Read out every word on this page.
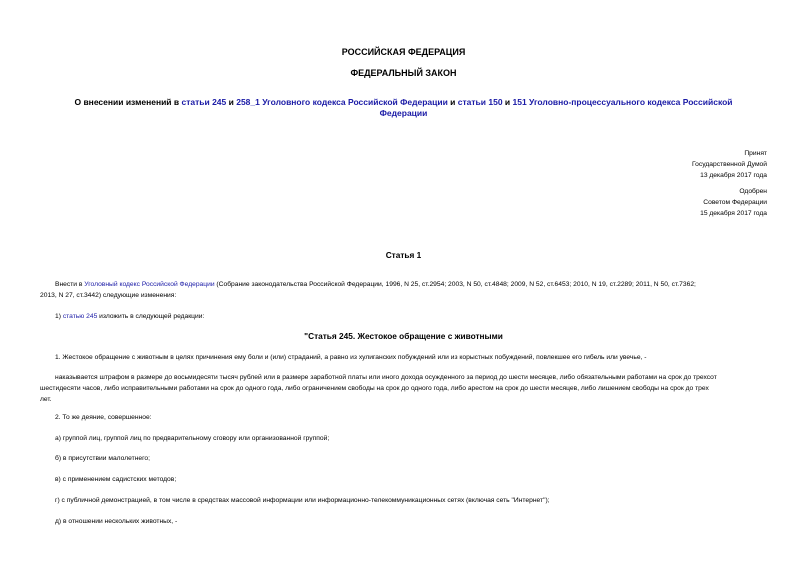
РОССИЙСКАЯ ФЕДЕРАЦИЯ
ФЕДЕРАЛЬНЫЙ ЗАКОН
О внесении изменений в статьи 245 и 258_1 Уголовного кодекса Российской Федерации и статьи 150 и 151 Уголовно-процессуального кодекса Российской
Федерации
Принят
Государственной Думой
13 декабря 2017 года
Одобрен
Советом Федерации
15 декабря 2017 года
Статья 1
Внести в Уголовный кодекс Российской Федерации (Собрание законодательства Российской Федерации, 1996, N 25, ст.2954; 2003, N 50, ст.4848; 2009, N 52, ст.6453; 2010, N 19, ст.2289; 2011, N 50, ст.7362;
2013, N 27, ст.3442) следующие изменения:
1) статью 245 изложить в следующей редакции:
"Статья 245. Жестокое обращение с животными
1. Жестокое обращение с животным в целях причинения ему боли и (или) страданий, а равно из хулиганских побуждений или из корыстных побуждений, повлекшее его гибель или увечье, -
наказывается штрафом в размере до восьмидесяти тысяч рублей или в размере заработной платы или иного дохода осужденного за период до шести месяцев, либо обязательными работами на срок до трехсот
шестидесяти часов, либо исправительными работами на срок до одного года, либо ограничением свободы на срок до одного года, либо арестом на срок до шести месяцев, либо лишением свободы на срок до трех
лет.
2. То же деяние, совершенное:
а) группой лиц, группой лиц по предварительному сговору или организованной группой;
б) в присутствии малолетнего;
в) с применением садистских методов;
г) с публичной демонстрацией, в том числе в средствах массовой информации или информационно-телекоммуникационных сетях (включая сеть "Интернет");
д) в отношении нескольких животных, -
